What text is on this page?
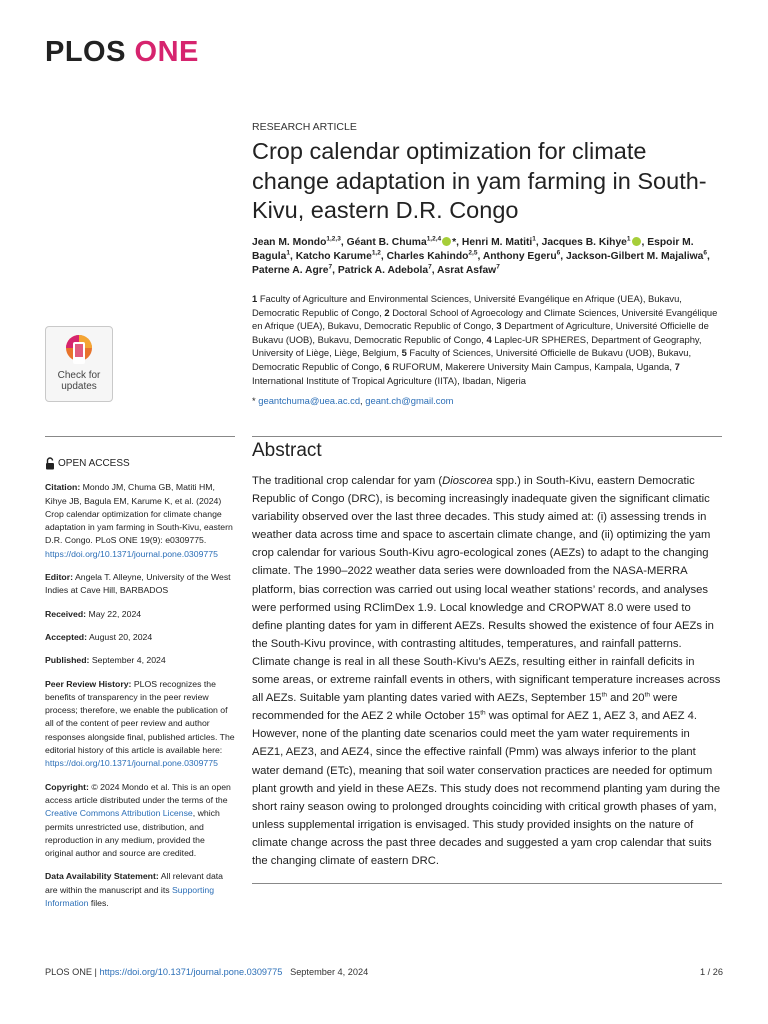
PLOS ONE
Check for
updates

OPEN ACCESS

Citation: Mondo JM, Chuma GB, Matiti HM, Kihye JB, Bagula EM, Karume K, et al. (2024) Crop calendar optimization for climate change adaptation in yam farming in South-Kivu, eastern D.R. Congo. PLoS ONE 19(9): e0309775. https://doi.org/10.1371/journal.pone.0309775

Editor: Angela T. Alleyne, University of the West Indies at Cave Hill, BARBADOS

Received: May 22, 2024

Accepted: August 20, 2024

Published: September 4, 2024

Peer Review History: PLOS recognizes the benefits of transparency in the peer review process; therefore, we enable the publication of all of the content of peer review and author responses alongside final, published articles. The editorial history of this article is available here: https://doi.org/10.1371/journal.pone.0309775

Copyright: © 2024 Mondo et al. This is an open access article distributed under the terms of the Creative Commons Attribution License, which permits unrestricted use, distribution, and reproduction in any medium, provided the original author and source are credited.

Data Availability Statement: All relevant data are within the manuscript and its Supporting Information files.

RESEARCH ARTICLE
Crop calendar optimization for climate change adaptation in yam farming in South-Kivu, eastern D.R. Congo
Jean M. Mondo$^{1,2,3}$, Géant B. Chuma$^{1,2,4}$ *, Henri M. Matiti$^1$, Jacques B. Kihye$^1$ , Espoir M. Bagula$^1$, Katcho Karume$^{1,2}$, Charles Kahindo$^{2,5}$, Anthony Egeru$^6$, Jackson-Gilbert M. Majaliwa$^6$, Paterne A. Agre$^7$, Patrick A. Adebola$^7$, Asrat Asfaw$^7$
1 Faculty of Agriculture and Environmental Sciences, Université Evangélique en Afrique (UEA), Bukavu, Democratic Republic of Congo, 2 Doctoral School of Agroecology and Climate Sciences, Université Evangélique en Afrique (UEA), Bukavu, Democratic Republic of Congo, 3 Department of Agriculture, Université Officielle de Bukavu (UOB), Bukavu, Democratic Republic of Congo, 4 Laplec-UR SPHERES, Department of Geography, University of Liège, Liège, Belgium, 5 Faculty of Sciences, Université Officielle de Bukavu (UOB), Bukavu, Democratic Republic of Congo, 6 RUFORUM, Makerere University Main Campus, Kampala, Uganda, 7 International Institute of Tropical Agriculture (IITA), Ibadan, Nigeria
* geantchuma@uea.ac.cd, geant.ch@gmail.com
Abstract

The traditional crop calendar for yam (Dioscorea spp.) in South-Kivu, eastern Democratic Republic of Congo (DRC), is becoming increasingly inadequate given the significant climatic variability observed over the last three decades. This study aimed at: (i) assessing trends in weather data across time and space to ascertain climate change, and (ii) optimizing the yam crop calendar for various South-Kivu agro-ecological zones (AEZs) to adapt to the changing climate. The 1990–2022 weather data series were downloaded from the NASA-MERRA platform, bias correction was carried out using local weather stations’ records, and analyses were performed using RClimDex 1.9. Local knowledge and CROPWAT 8.0 were used to define planting dates for yam in different AEZs. Results showed the existence of four AEZs in the South-Kivu province, with contrasting altitudes, temperatures, and rainfall patterns. Climate change is real in all these South-Kivu’s AEZs, resulting either in rainfall deficits in some areas, or extreme rainfall events in others, with significant temperature increases across all AEZs. Suitable yam planting dates varied with AEZs, September 15th and 20th were recommended for the AEZ 2 while October 15th was optimal for AEZ 1, AEZ 3, and AEZ 4. However, none of the planting date scenarios could meet the yam water requirements in AEZ1, AEZ3, and AEZ4, since the effective rainfall (Pmm) was always inferior to the plant water demand (ETc), meaning that soil water conservation practices are needed for optimum plant growth and yield in these AEZs. This study does not recommend planting yam during the short rainy season owing to prolonged droughts coinciding with critical growth phases of yam, unless supplemental irrigation is envisaged. This study provided insights on the nature of climate change across the past three decades and suggested a yam crop calendar that suits the changing climate of eastern DRC.

PLOS ONE
|
https://doi.org/10.1371/journal.pone.0309775
September 4, 2024	1 / 26
